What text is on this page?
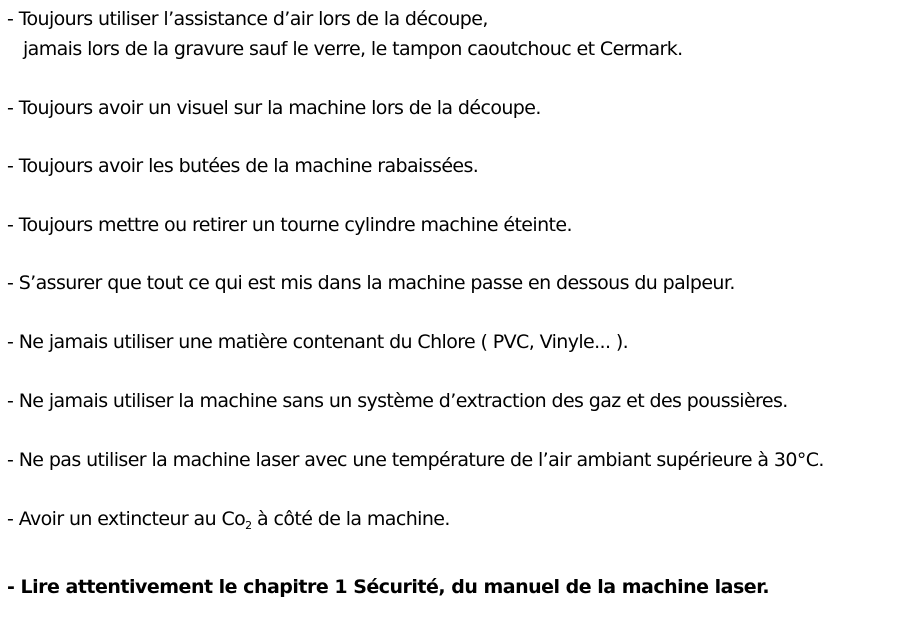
- Toujours utiliser l’assistance d’air lors de la découpe,
jamais lors de la gravure sauf le verre, le tampon caoutchouc et Cermark.
- Toujours avoir un visuel sur la machine lors de la découpe.
- Toujours avoir les butées de la machine rabaissées.
- Toujours mettre ou retirer un tourne cylindre machine éteinte.
- S’assurer que tout ce qui est mis dans la machine passe en dessous du palpeur.
- Ne jamais utiliser une matière contenant du Chlore ( PVC, Vinyle... ).
- Ne jamais utiliser la machine sans un système d’extraction des gaz et des poussières.
- Ne pas utiliser la machine laser avec une température de l’air ambiant supérieure à 30°C.
- Avoir un extincteur au $Co_2$ à côté de la machine.
- Lire attentivement le chapitre 1 Sécurité, du manuel de la machine laser.
